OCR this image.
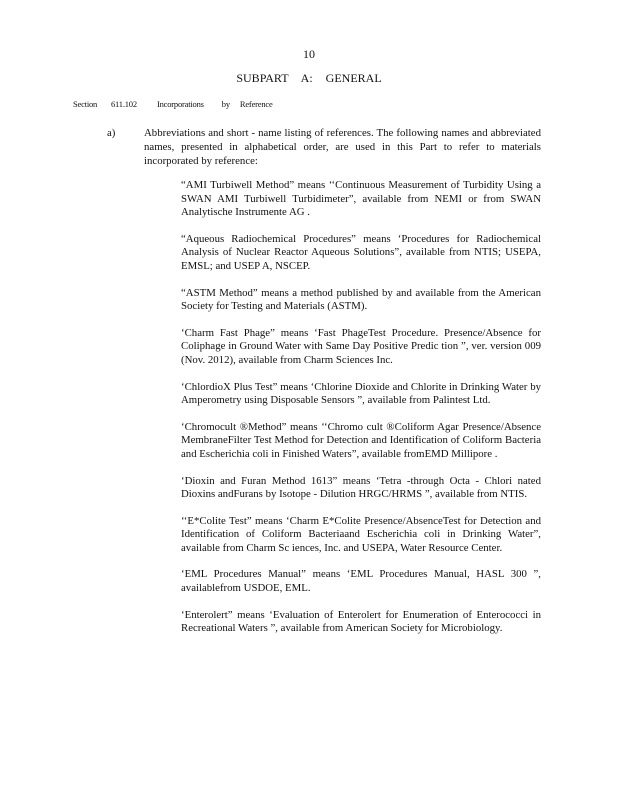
10
SUBPART A: GENERAL
Section 611.102 Incorporations by Reference
a)	Abbreviations and short - name listing of references. The following names and abbreviated names, presented in alphabetical order, are used in this Part to refer to materials incorporated by reference:

“AMI Turbiwell Method” means ‘‘Continuous Measurement of Turbidity Using a SWAN AMI Turbiwell Turbidimeter”, available from NEMI or from SWAN Analytische Instrumente AG .

“Aqueous Radiochemical Procedures” means ‘Procedures for Radiochemical Analysis of Nuclear Reactor Aqueous Solutions”, available from NTIS; USEPA, EMSL; and USEP A, NSCEP.

“ASTM Method” means a method published by and available from the American Society for Testing and Materials (ASTM).

‘Charm Fast Phage” means ‘Fast PhageTest Procedure. Presence/Absence for Coliphage in Ground Water with Same Day Positive Predic tion ”, ver. version 009 (Nov. 2012), available from Charm Sciences Inc.

‘ChlordioX Plus Test” means ‘Chlorine Dioxide and Chlorite in Drinking Water by Amperometry using Disposable Sensors ”, available from Palintest Ltd.

‘Chromocult ®Method” means ‘‘Chromo cult ®Coliform Agar Presence/Absence MembraneFilter Test Method for Detection and Identification of Coliform Bacteria and Escherichia coli in Finished Waters”, available fromEMD Millipore .

‘Dioxin and Furan Method 1613” means ‘Tetra -through Octa - Chlori nated Dioxins andFurans by Isotope - Dilution HRGC/HRMS ”, available from NTIS.

‘‘E*Colite Test” means ‘Charm E*Colite Presence/AbsenceTest for Detection and Identification of Coliform Bacteriaand Escherichia coli in Drinking Water”, available from Charm Sc iences, Inc. and USEPA, Water Resource Center.

‘EML Procedures Manual” means ‘EML Procedures Manual, HASL 300 ”, availablefrom USDOE, EML.

‘Enterolert” means ‘Evaluation of Enterolert for Enumeration of Enterococci in Recreational Waters ”, available from American Society for Microbiology.
